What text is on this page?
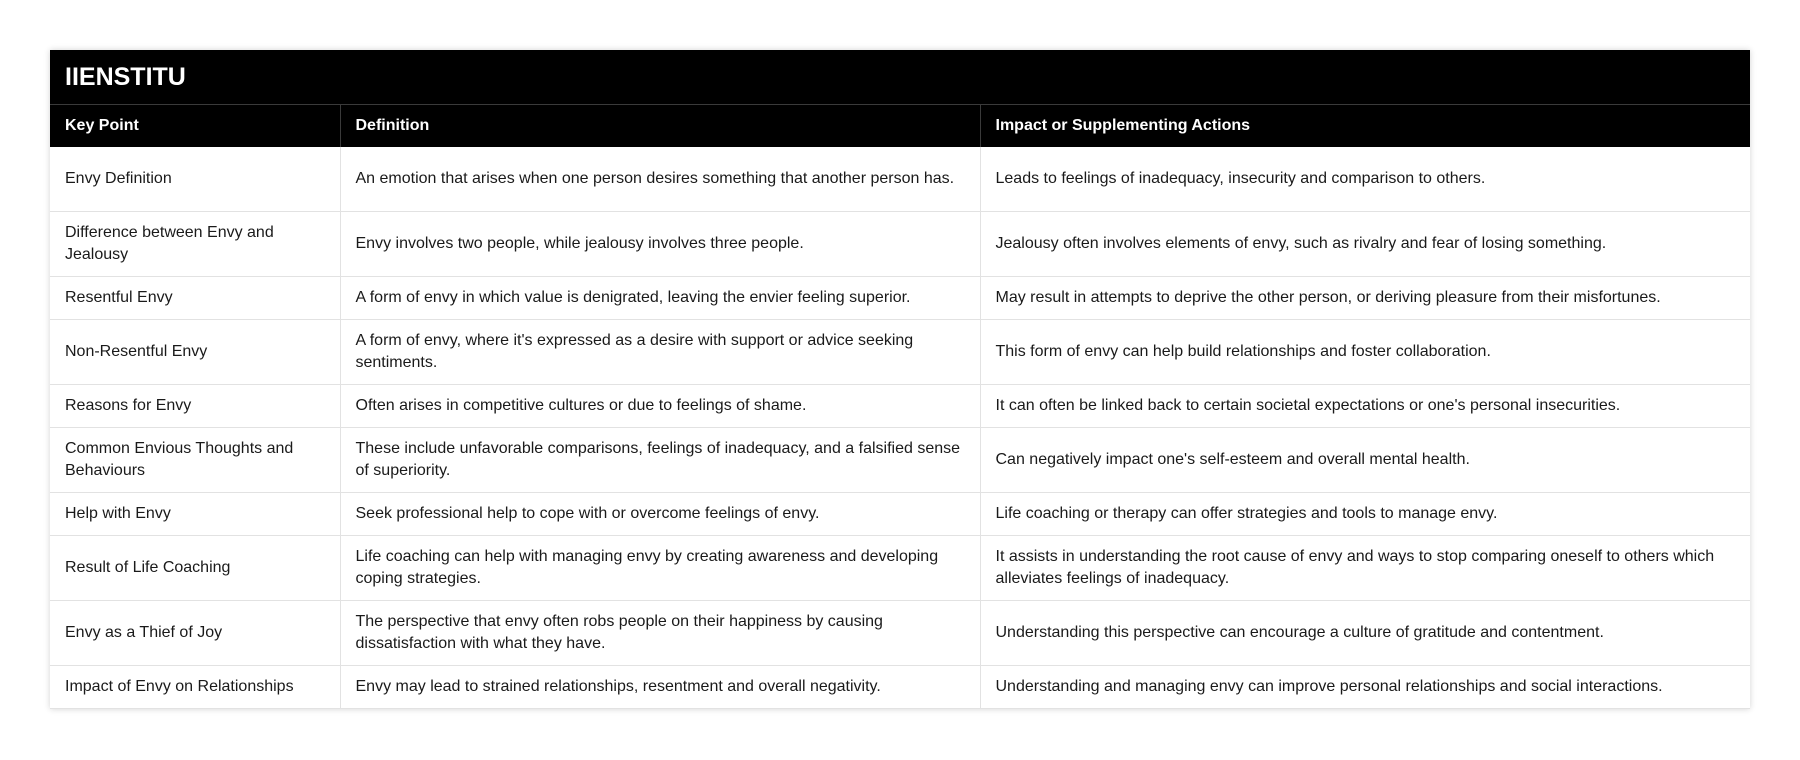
IIENSTITU		
Key Point	Definition	Impact or Supplementing Actions
Envy Definition	An emotion that arises when one person desires something that another person has.	Leads to feelings of inadequacy, insecurity and comparison to others.
Difference between Envy and Jealousy	Envy involves two people, while jealousy involves three people.	Jealousy often involves elements of envy, such as rivalry and fear of losing something.
Resentful Envy	A form of envy in which value is denigrated, leaving the envier feeling superior.	May result in attempts to deprive the other person, or deriving pleasure from their misfortunes.
Non-Resentful Envy	A form of envy, where it's expressed as a desire with support or advice seeking sentiments.	This form of envy can help build relationships and foster collaboration.
Reasons for Envy	Often arises in competitive cultures or due to feelings of shame.	It can often be linked back to certain societal expectations or one's personal insecurities.
Common Envious Thoughts and Behaviours	These include unfavorable comparisons, feelings of inadequacy, and a falsified sense of superiority.	Can negatively impact one's self-esteem and overall mental health.
Help with Envy	Seek professional help to cope with or overcome feelings of envy.	Life coaching or therapy can offer strategies and tools to manage envy.
Result of Life Coaching	Life coaching can help with managing envy by creating awareness and developing coping strategies.	It assists in understanding the root cause of envy and ways to stop comparing oneself to others which alleviates feelings of inadequacy.
Envy as a Thief of Joy	The perspective that envy often robs people on their happiness by causing dissatisfaction with what they have.	Understanding this perspective can encourage a culture of gratitude and contentment.
Impact of Envy on Relationships	Envy may lead to strained relationships, resentment and overall negativity.	Understanding and managing envy can improve personal relationships and social interactions.
